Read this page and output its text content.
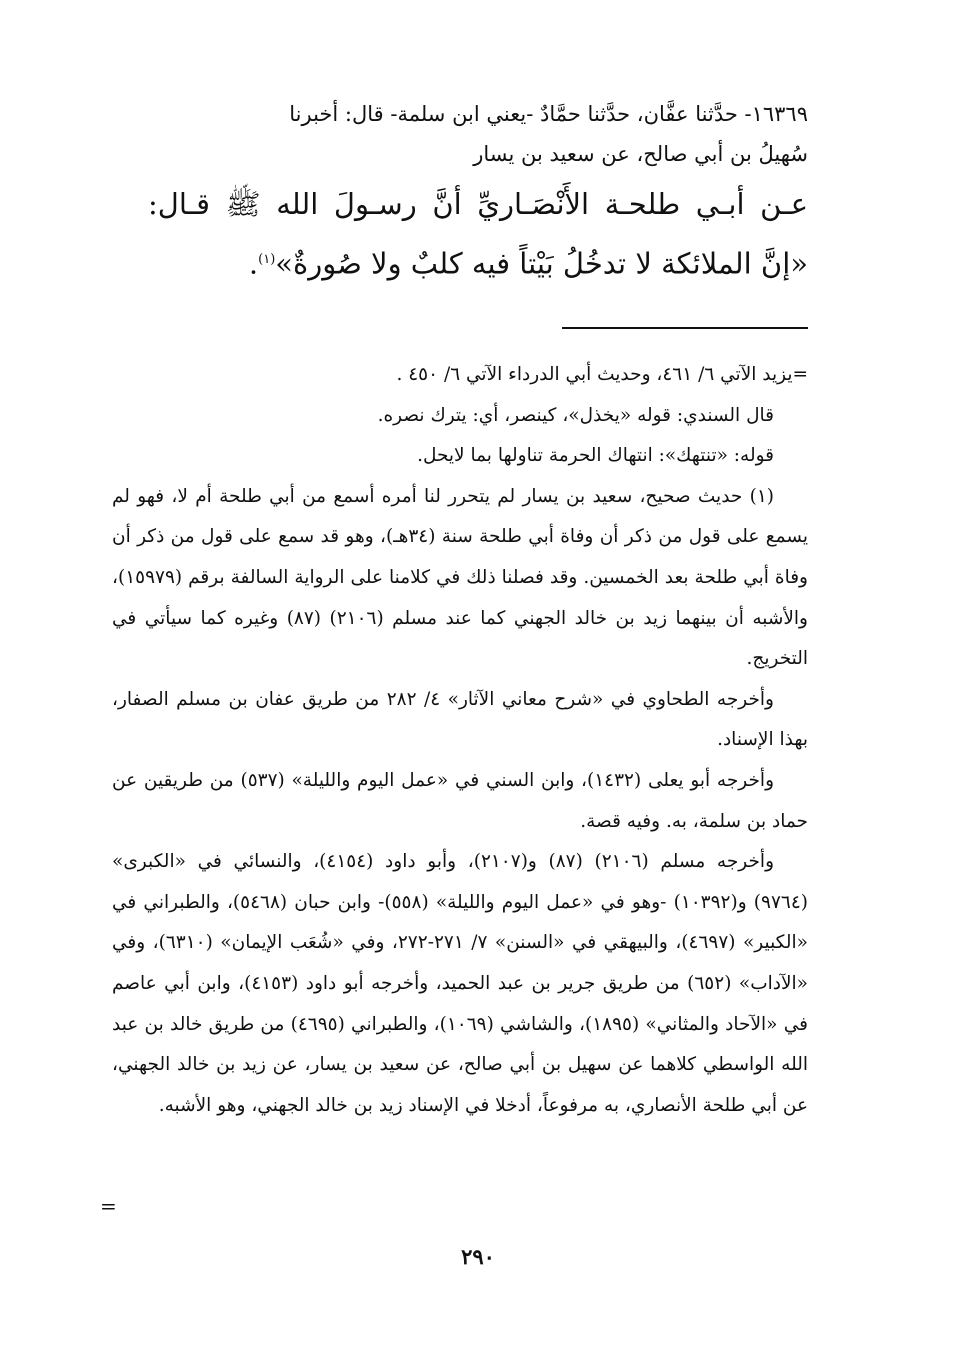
١٦٣٦٩- حدَّثنا عفَّان، حدَّثنا حمَّادٌ -يعني ابن سلمة- قال: أخبرنا
سُهيلُ بن أبي صالح، عن سعيد بن يسار
عـن أبـي طلحـة الأَنْصَـاريِّ أنَّ رسـولَ الله ﷺ قـال: «إنَّ الملائكة لا تدخُلُ بَيْتاً فيه كلبٌ ولا صُورةٌ»$^{(١)}$.

=يزيد الآتي ٦/ ٤٦١، وحديث أبي الدرداء الآتي ٦/ ٤٥٠ .

قال السندي: قوله «يخذل»، كينصر، أي: يترك نصره.

قوله: «تنتهك»: انتهاك الحرمة تناولها بما لايحل.

(١) حديث صحيح، سعيد بن يسار لم يتحرر لنا أمره أسمع من أبي طلحة أم لا، فهو لم يسمع على قول من ذكر أن وفاة أبي طلحة سنة (٣٤هـ)، وهو قد سمع على قول من ذكر أن وفاة أبي طلحة بعد الخمسين. وقد فصلنا ذلك في كلامنا على الرواية السالفة برقم (١٥٩٧٩)، والأشبه أن بينهما زيد بن خالد الجهني كما عند مسلم (٢١٠٦) (٨٧) وغيره كما سيأتي في التخريج.

وأخرجه الطحاوي في «شرح معاني الآثار» ٤/ ٢٨٢ من طريق عفان بن مسلم الصفار، بهذا الإسناد.

وأخرجه أبو يعلى (١٤٣٢)، وابن السني في «عمل اليوم والليلة» (٥٣٧) من طريقين عن حماد بن سلمة، به. وفيه قصة.

وأخرجه مسلم (٢١٠٦) (٨٧) و(٢١٠٧)، وأبو داود (٤١٥٤)، والنسائي في «الكبرى» (٩٧٦٤) و(١٠٣٩٢) -وهو في «عمل اليوم والليلة» (٥٥٨)- وابن حبان (٥٤٦٨)، والطبراني في «الكبير» (٤٦٩٧)، والبيهقي في «السنن» ٧/ ٢٧١-٢٧٢، وفي «شُعَب الإيمان» (٦٣١٠)، وفي «الآداب» (٦٥٢) من طريق جرير بن عبد الحميد، وأخرجه أبو داود (٤١٥٣)، وابن أبي عاصم في «الآحاد والمثاني» (١٨٩٥)، والشاشي (١٠٦٩)، والطبراني (٤٦٩٥) من طريق خالد بن عبد الله الواسطي كلاهما عن سهيل بن أبي صالح، عن سعيد بن يسار، عن زيد بن خالد الجهني، عن أبي طلحة الأنصاري، به مرفوعاً، أدخلا في الإسناد زيد بن خالد الجهني، وهو الأشبه.

=
٢٩٠
